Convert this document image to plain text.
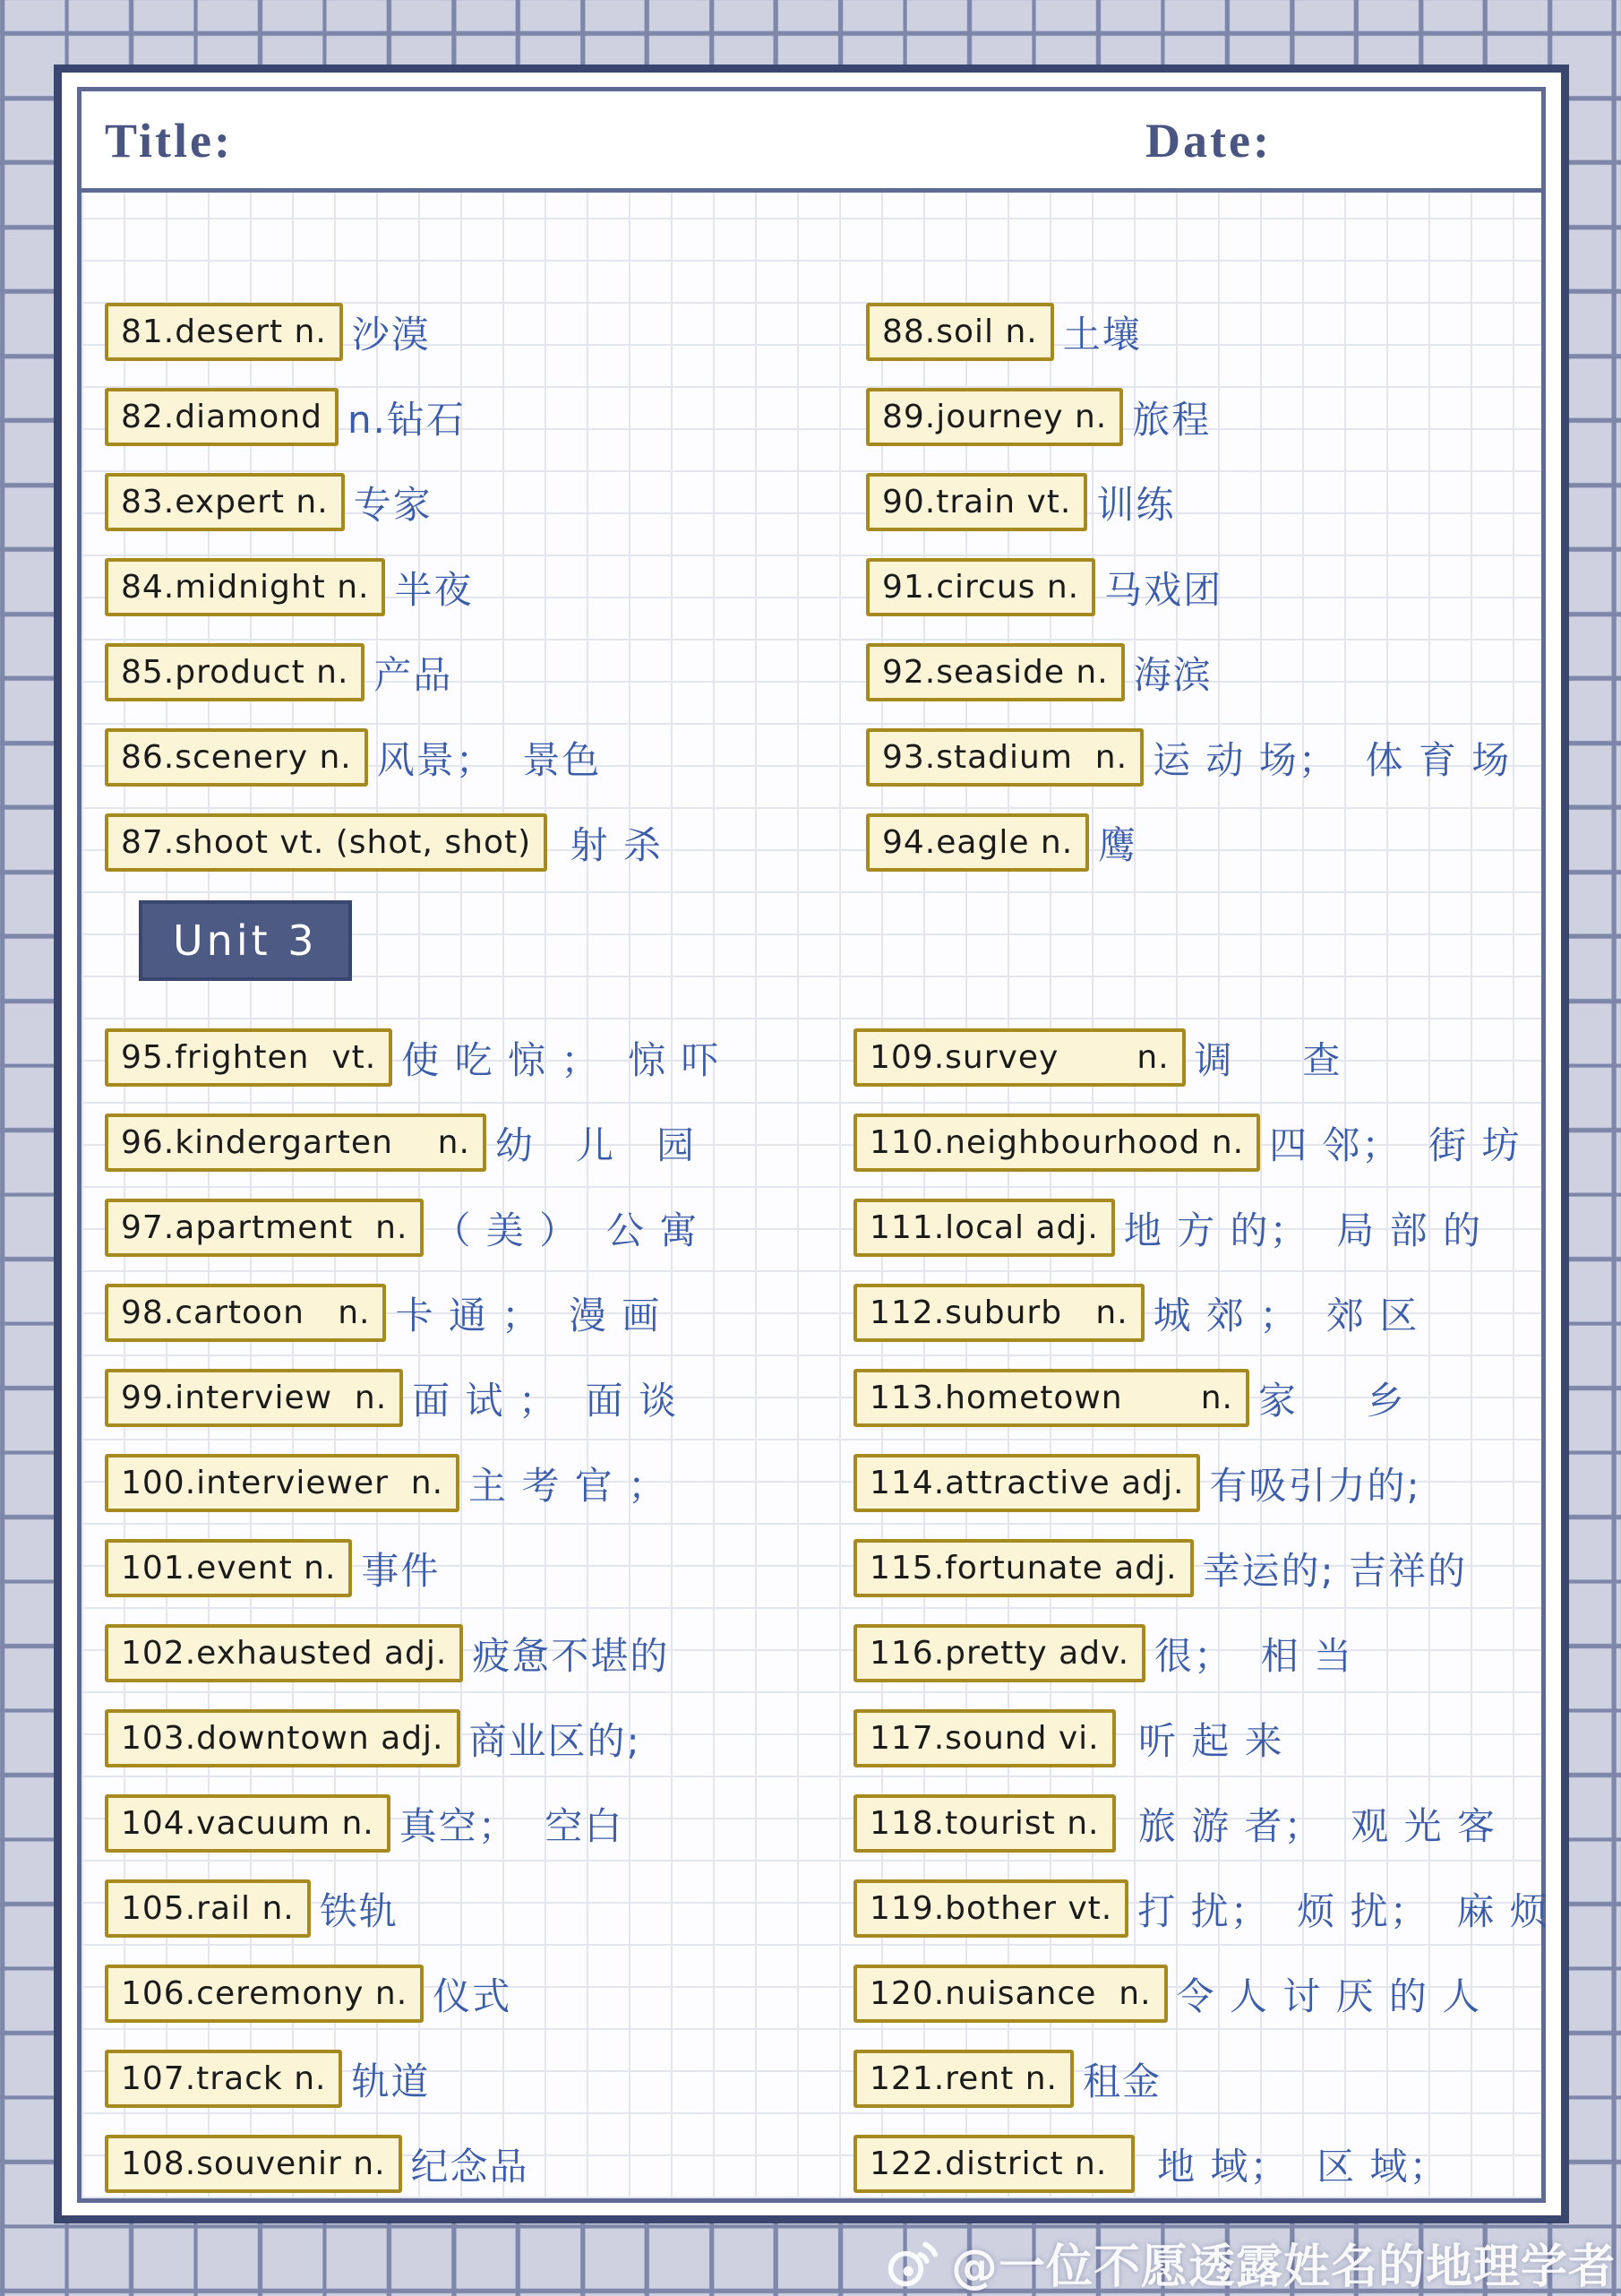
Title:	Date:
81.desert n. 沙漠
82.diamond n.钻石
83.expert n. 专家
84.midnight n. 半夜
85.product n. 产品
86.scenery n. 风景；  景色
87.shoot vt. (shot, shot) 射 杀
88.soil n. 土壤
89.journey n. 旅程
90.train vt. 训练
91.circus n. 马戏团
92.seaside n. 海滨
93.stadium  n. 运 动 场；  体 育 场
94.eagle n. 鹰
Unit 3
95.frighten  vt. 使 吃 惊 ；  惊 吓
96.kindergarten    n. 幼   儿   园
97.apartment  n. （ 美 ）  公 寓
98.cartoon   n. 卡 通 ；  漫 画
99.interview  n. 面 试 ；  面 谈
100.interviewer  n. 主 考 官 ；
101.event n. 事件
102.exhausted adj. 疲惫不堪的
103.downtown adj. 商业区的;
104.vacuum n. 真空；  空白
105.rail n. 铁轨
106.ceremony n. 仪式
107.track n. 轨道
108.souvenir n. 纪念品
109.survey       n. 调     查
110.neighbourhood n. 四 邻；  街 坊
111.local adj. 地 方 的；  局 部 的
112.suburb   n. 城 郊 ；  郊 区
113.hometown       n. 家     乡
114.attractive adj. 有吸引力的;
115.fortunate adj. 幸运的; 吉祥的
116.pretty adv. 很；  相 当
117.sound vi. 听 起 来
118.tourist n. 旅 游 者；  观 光 客
119.bother vt. 打 扰；  烦 扰；  麻 烦
120.nuisance  n. 令 人 讨 厌 的 人
121.rent n. 租金
122.district n. 地 域；  区 域；
@一位不愿透露姓名的地理学者
